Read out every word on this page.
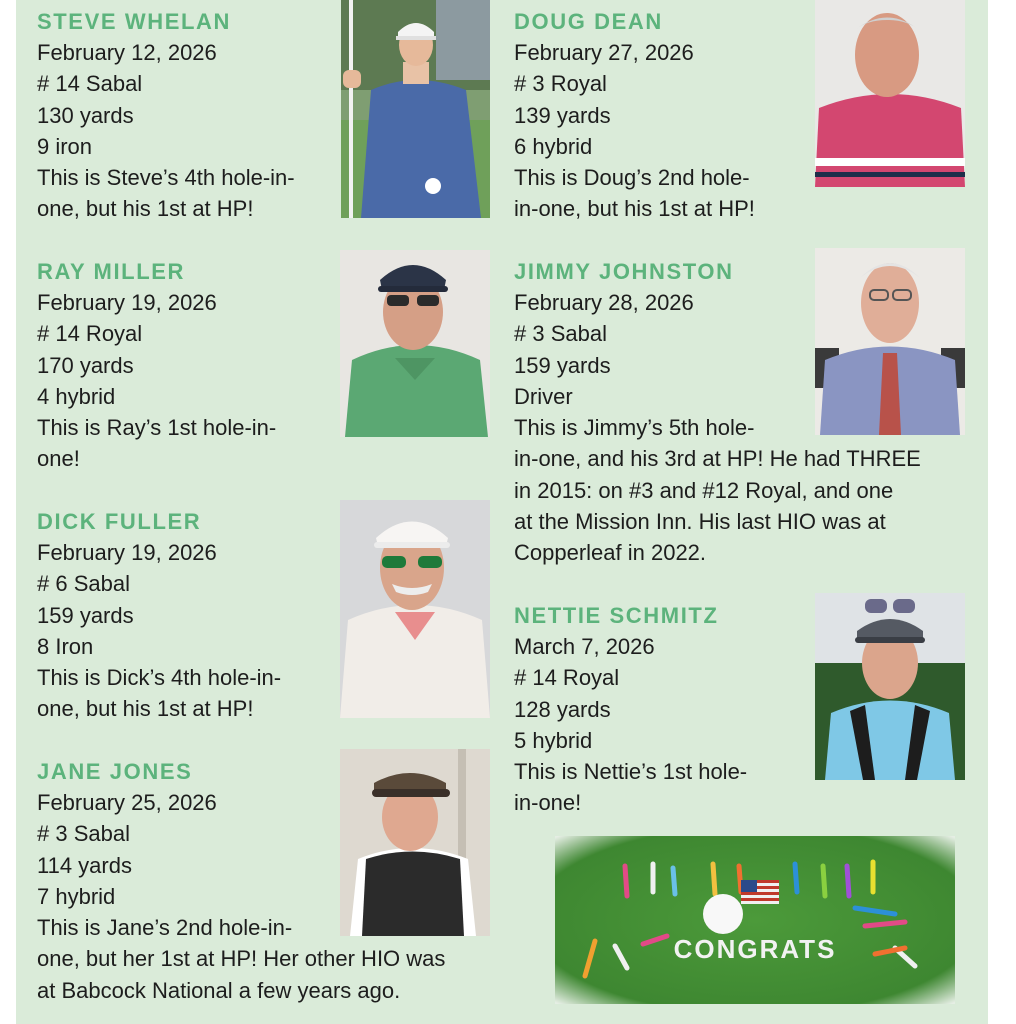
STEVE WHELAN
February 12, 2026
# 14 Sabal
130 yards
9 iron
This is Steve’s 4th hole-in-
one, but his 1st at HP!
RAY MILLER
February 19, 2026
# 14 Royal
170 yards
4 hybrid
This is Ray’s 1st hole-in-
one!
DICK FULLER
February 19, 2026
# 6 Sabal
159 yards
8 Iron
This is Dick’s 4th hole-in-
one, but his 1st at HP!
JANE JONES
February 25, 2026
# 3 Sabal
114 yards
7 hybrid
This is Jane’s 2nd hole-in-
one, but her 1st at HP! Her other HIO was
at Babcock National a few years ago.
DOUG DEAN
February 27, 2026
# 3 Royal
139 yards
6 hybrid
This is Doug’s 2nd hole-
in-one, but his 1st at HP!
JIMMY JOHNSTON
February 28, 2026
# 3 Sabal
159 yards
Driver
This is Jimmy’s 5th hole-
in-one, and his 3rd at HP! He had THREE
in 2015: on #3 and #12 Royal, and one
at the Mission Inn. His last HIO was at
Copperleaf in 2022.
NETTIE SCHMITZ
March 7, 2026
# 14 Royal
128 yards
5 hybrid
This is Nettie’s 1st hole-
in-one!
CONGRATS
